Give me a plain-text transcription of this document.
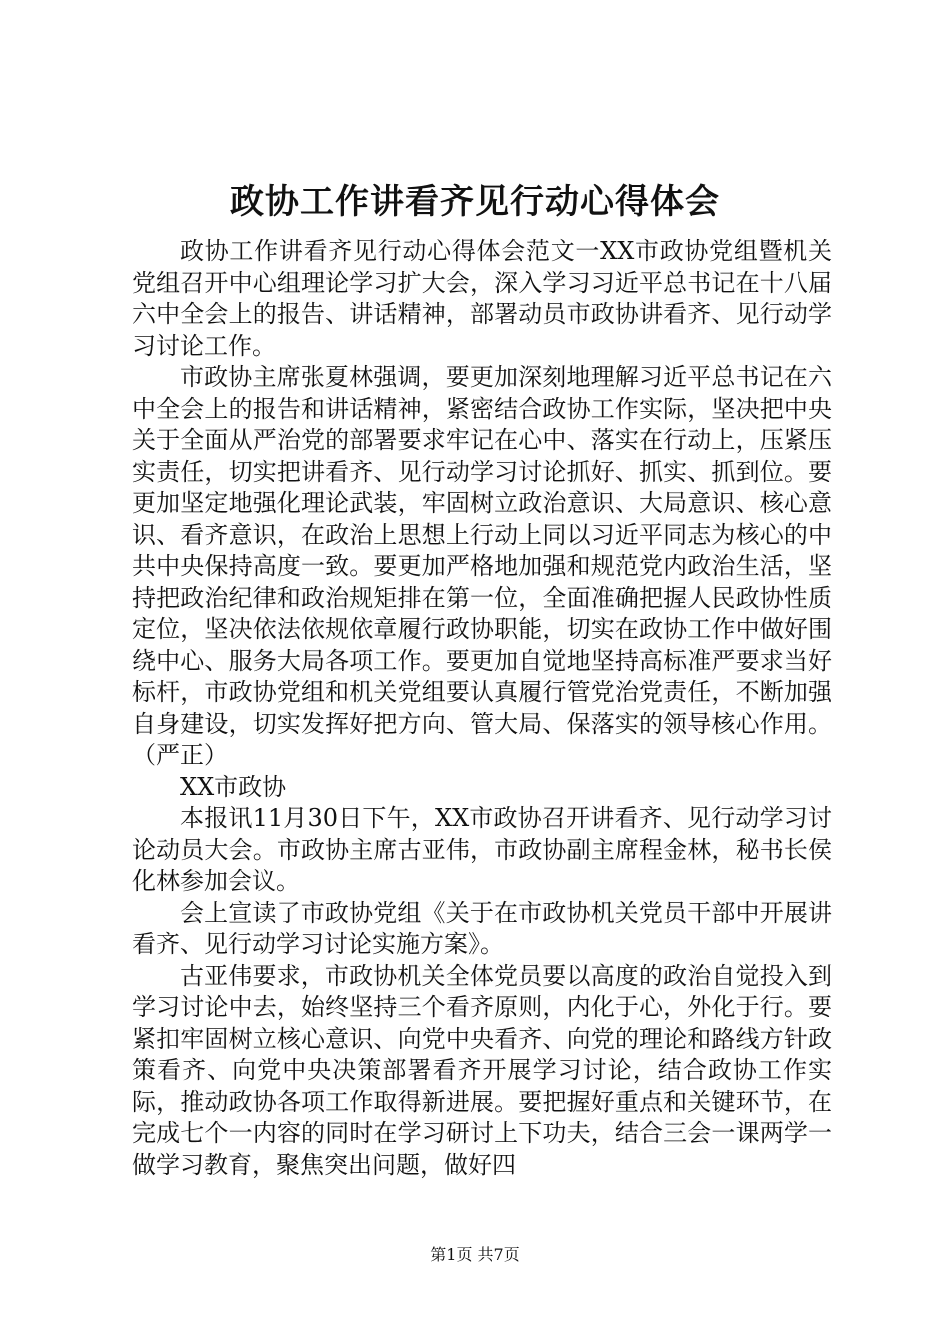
政协工作讲看齐见行动心得体会

政协工作讲看齐见行动心得体会范文一XX市政协党组暨机关党组召开中心组理论学习扩大会，深入学习习近平总书记在十八届六中全会上的报告、讲话精神，部署动员市政协讲看齐、见行动学习讨论工作。

市政协主席张夏林强调，要更加深刻地理解习近平总书记在六中全会上的报告和讲话精神，紧密结合政协工作实际，坚决把中央关于全面从严治党的部署要求牢记在心中、落实在行动上，压紧压实责任，切实把讲看齐、见行动学习讨论抓好、抓实、抓到位。要更加坚定地强化理论武装，牢固树立政治意识、大局意识、核心意识、看齐意识，在政治上思想上行动上同以习近平同志为核心的中共中央保持高度一致。要更加严格地加强和规范党内政治生活，坚持把政治纪律和政治规矩排在第一位，全面准确把握人民政协性质定位，坚决依法依规依章履行政协职能，切实在政协工作中做好围绕中心、服务大局各项工作。要更加自觉地坚持高标准严要求当好标杆，市政协党组和机关党组要认真履行管党治党责任，不断加强自身建设，切实发挥好把方向、管大局、保落实的领导核心作用。（严正）

XX市政协

本报讯11月30日下午，XX市政协召开讲看齐、见行动学习讨论动员大会。市政协主席古亚伟，市政协副主席程金林，秘书长侯化林参加会议。

会上宣读了市政协党组《关于在市政协机关党员干部中开展讲看齐、见行动学习讨论实施方案》。

古亚伟要求，市政协机关全体党员要以高度的政治自觉投入到学习讨论中去，始终坚持三个看齐原则，内化于心，外化于行。要紧扣牢固树立核心意识、向党中央看齐、向党的理论和路线方针政策看齐、向党中央决策部署看齐开展学习讨论，结合政协工作实际，推动政协各项工作取得新进展。要把握好重点和关键环节，在完成七个一内容的同时在学习研讨上下功夫，结合三会一课两学一做学习教育，聚焦突出问题，做好四

第1页 共7页
